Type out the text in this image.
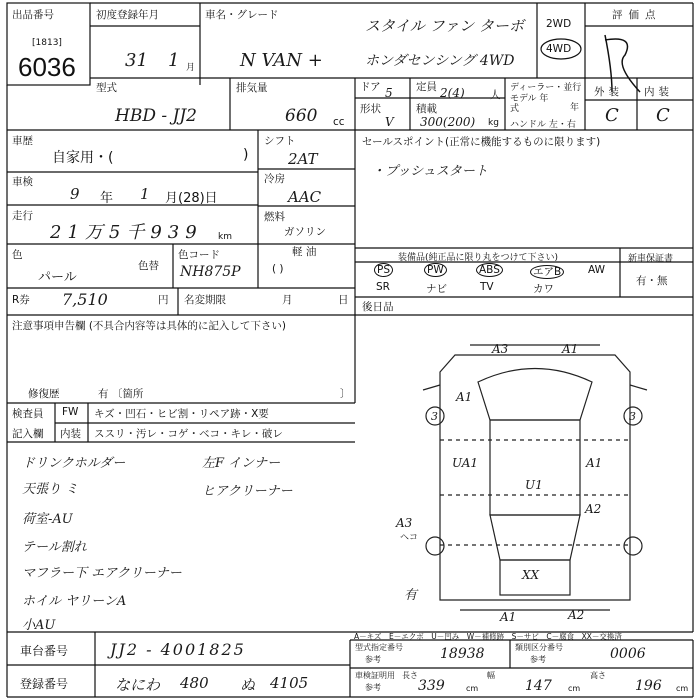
出品番号
[1813]
6036
初度登録年月
31 1 月
車名・グレード
スタイル ファン ターボ
N VAN +	ホンダセンシング 4WD
2WD
4WD
評価点
型式
HBD - JJ2
排気量
660 cc
ドア 5 定員 2(4) 人
形状
V
積載
300(200) kg
ディーラー・並行
モデル 年式	年
ハンドル 左・右
外装 内装
C C
車歴
自家用・(	)
車検
9 年 1 月(28)日
走行
21万5千939 km
色
パール
色替
色コード
NH875P
R券 7,510	円 名変期限	月	日
シフト
2AT
冷房
AAC
燃料
ガソリン
軽 油
( )
セールスポイント(正常に機能するものに限ります)
・プッシュスタート
装備品(純正品に限り丸をつけて下さい)
PS	PW	ABS	エアB	AW
SR	ナビ	TV	カワ
新車保証書
有・無
後日品
注意事項申告欄 (不具合内容等は具体的に記入して下さい)
修復歴	有 〔箇所	〕
検査員
記入欄
FW キズ・凹石・ヒビ割・リペア跡・X要
内装 ススリ・汚レ・コゲ・ベコ・キレ・破レ
ドリンクホルダー
天張り ミ
荷室-AU
テール割れ
マフラー下 エアクリーナー
ホイル ヤリーンA
小AU
左F インナー
ヒアクリーナー
A3	A1
A1
3	3
UA1	A1
U1
A2
A3
XX
A1	A2
ヘコ
有
A－キズ　E－エクボ　U－凹み　W－補修跡　S－サビ　C－腐食　XX－交換済
車台番号	JJ2 - 4001825
登録番号	なにわ 480 ぬ 4105
型式指定番号
参考	18938	類別区分番号
参考	0006
車検証明用
参考
長さ
339	cm
幅
147 cm
高さ
196 cm
